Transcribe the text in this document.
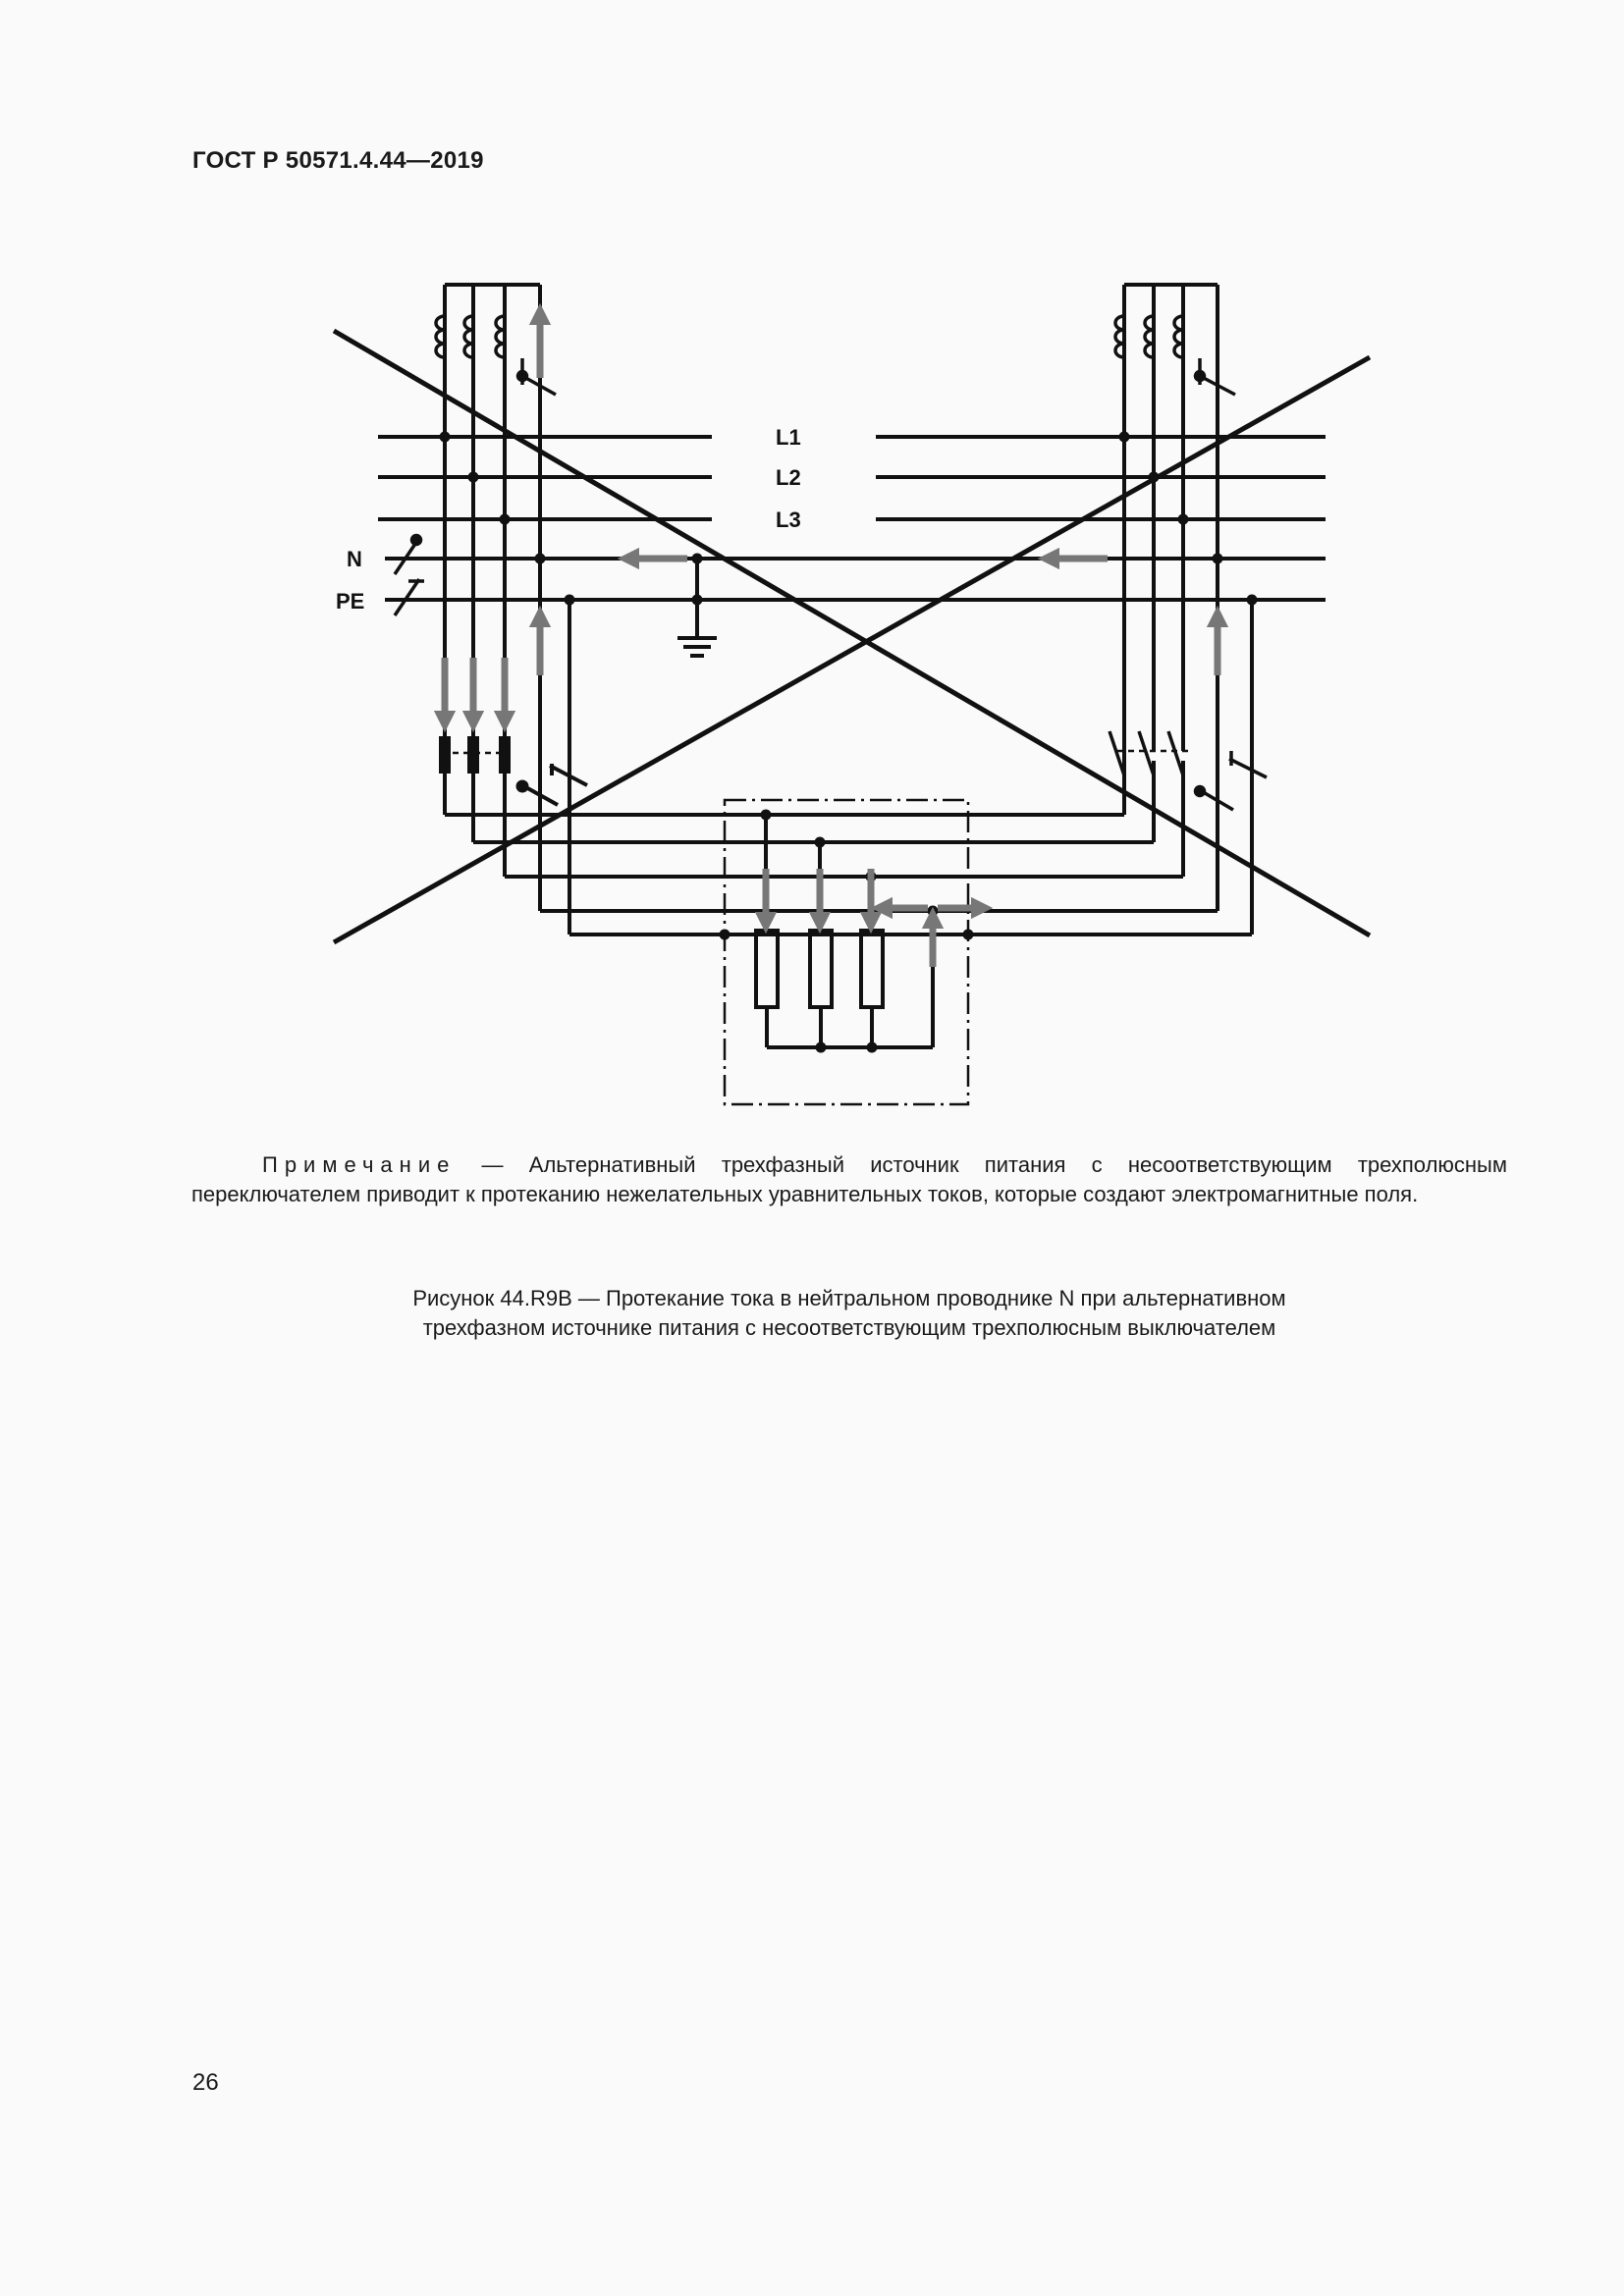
ГОСТ Р 50571.4.44—2019
L1
L2
L3
N
PE
Примечание — Альтернативный трехфазный источник питания с несоответствующим трехполюсным переключателем приводит к протеканию нежелательных уравнительных токов, которые создают электромагнитные поля.
Рисунок 44.R9B — Протекание тока в нейтральном проводнике N при альтернативном
трехфазном источнике питания с несоответствующим трехполюсным выключателем
26
